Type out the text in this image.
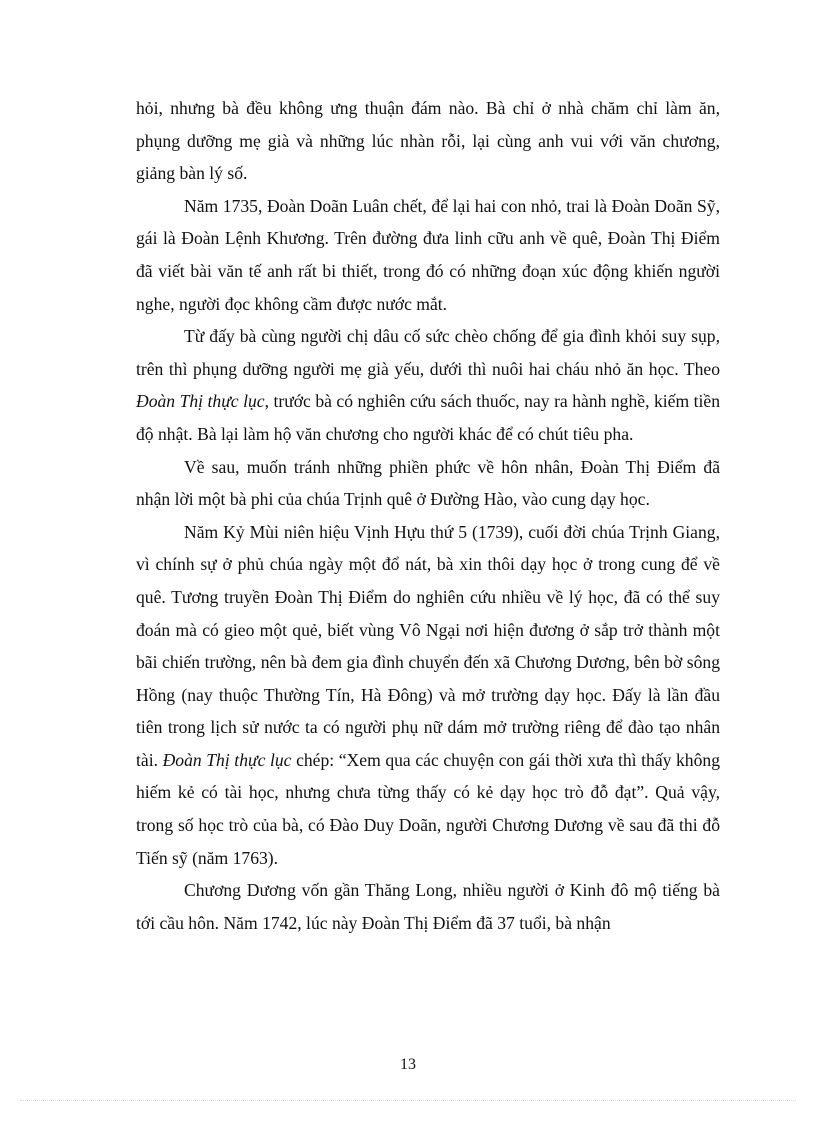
hỏi, nhưng bà đều không ưng thuận đám nào. Bà chỉ ở nhà chăm chỉ làm ăn, phụng dưỡng mẹ già và những lúc nhàn rỗi, lại cùng anh vui với văn chương, giảng bàn lý số.

Năm 1735, Đoàn Doãn Luân chết, để lại hai con nhỏ, trai là Đoàn Doãn Sỹ, gái là Đoàn Lệnh Khương. Trên đường đưa linh cữu anh về quê, Đoàn Thị Điểm đã viết bài văn tế anh rất bi thiết, trong đó có những đoạn xúc động khiến người nghe, người đọc không cầm được nước mắt.

Từ đấy bà cùng người chị dâu cố sức chèo chống để gia đình khỏi suy sụp, trên thì phụng dưỡng người mẹ già yếu, dưới thì nuôi hai cháu nhỏ ăn học. Theo Đoàn Thị thực lục, trước bà có nghiên cứu sách thuốc, nay ra hành nghề, kiếm tiền độ nhật. Bà lại làm hộ văn chương cho người khác để có chút tiêu pha.

Về sau, muốn tránh những phiền phức về hôn nhân, Đoàn Thị Điểm đã nhận lời một bà phi của chúa Trịnh quê ở Đường Hào, vào cung dạy học.

Năm Kỷ Mùi niên hiệu Vịnh Hựu thứ 5 (1739), cuối đời chúa Trịnh Giang, vì chính sự ở phủ chúa ngày một đổ nát, bà xin thôi dạy học ở trong cung để về quê. Tương truyền Đoàn Thị Điểm do nghiên cứu nhiều về lý học, đã có thể suy đoán mà có gieo một quẻ, biết vùng Vô Ngại nơi hiện đương ở sắp trở thành một bãi chiến trường, nên bà đem gia đình chuyển đến xã Chương Dương, bên bờ sông Hồng (nay thuộc Thường Tín, Hà Đông) và mở trường dạy học. Đấy là lần đầu tiên trong lịch sử nước ta có người phụ nữ dám mở trường riêng để đào tạo nhân tài. Đoàn Thị thực lục chép: “Xem qua các chuyện con gái thời xưa thì thấy không hiếm kẻ có tài học, nhưng chưa từng thấy có kẻ dạy học trò đỗ đạt”. Quả vậy, trong số học trò của bà, có Đào Duy Doãn, người Chương Dương về sau đã thi đỗ Tiến sỹ (năm 1763).

Chương Dương vốn gần Thăng Long, nhiều người ở Kinh đô mộ tiếng bà tới cầu hôn. Năm 1742, lúc này Đoàn Thị Điểm đã 37 tuổi, bà nhận

13
